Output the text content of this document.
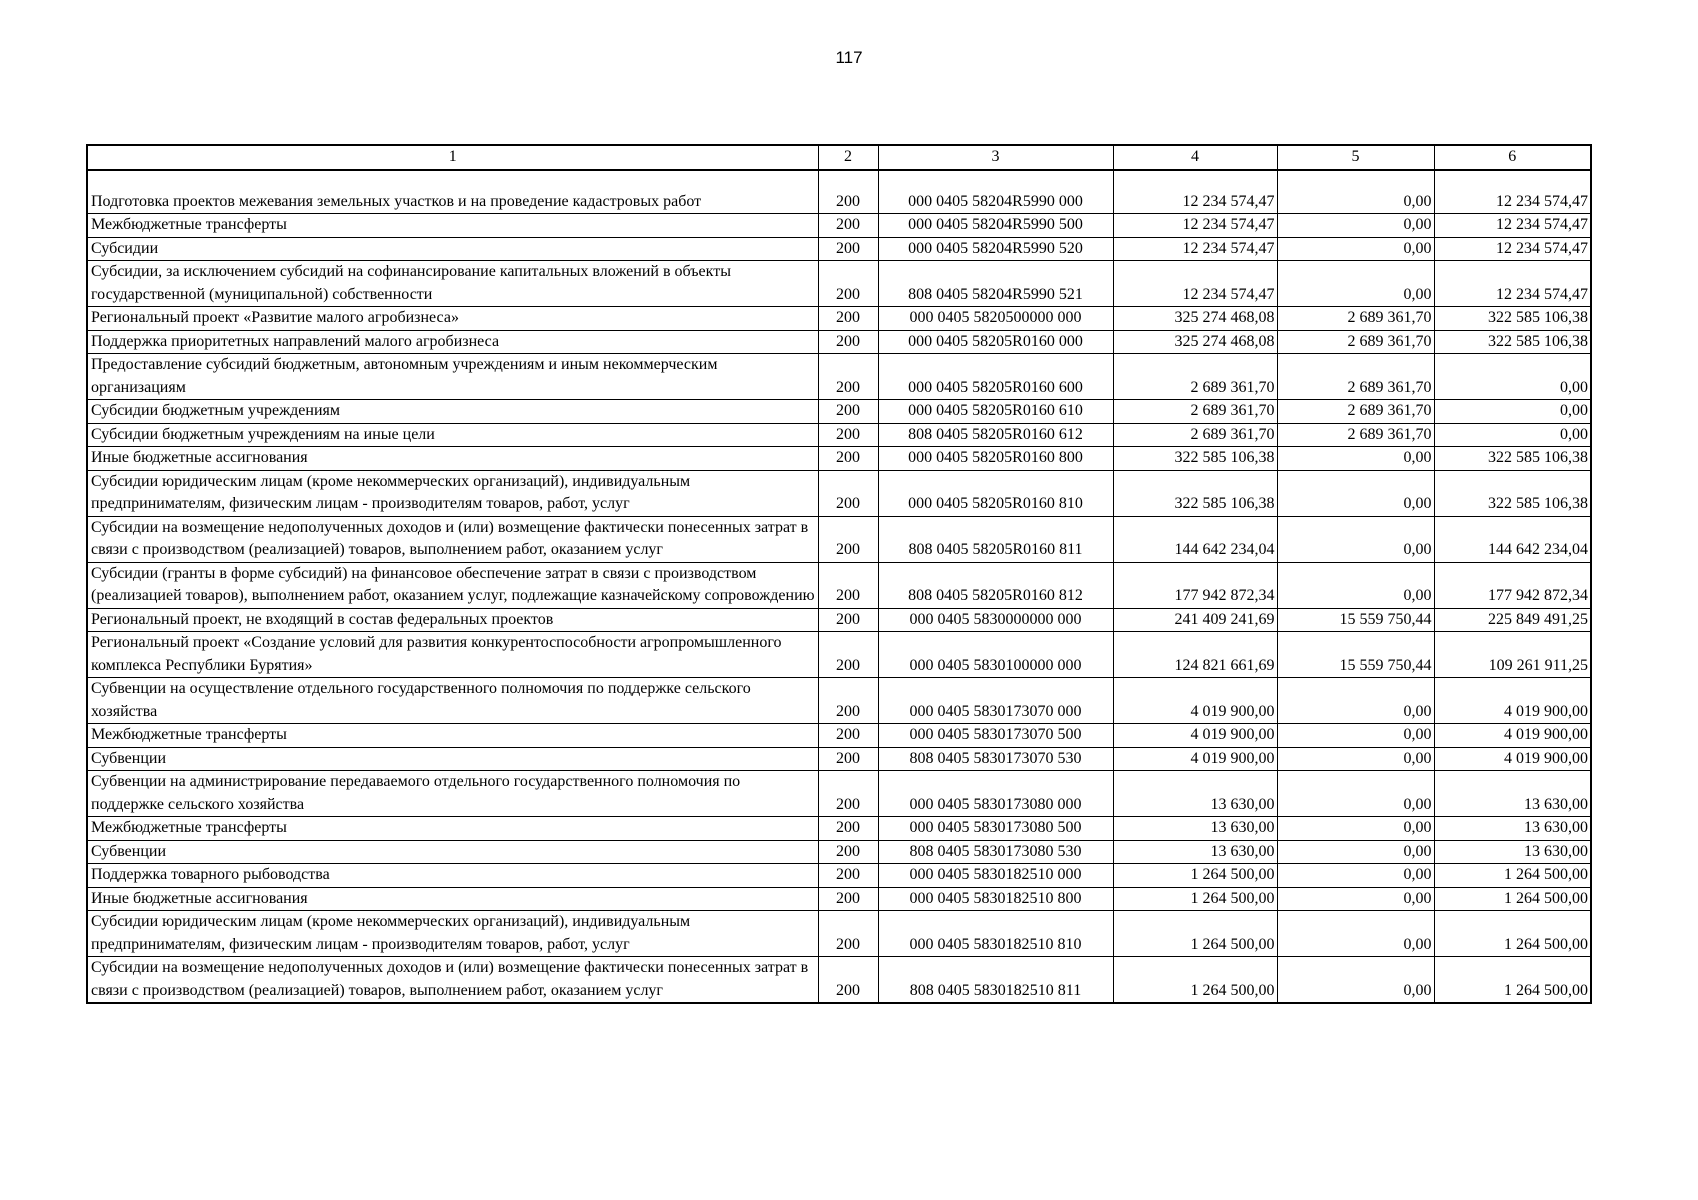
117
1	2	3	4	5	6
Подготовка проектов межевания земельных участков и на проведение кадастровых работ	200	000 0405 58204R5990 000	12 234 574,47	0,00	12 234 574,47
Межбюджетные трансферты	200	000 0405 58204R5990 500	12 234 574,47	0,00	12 234 574,47
Субсидии	200	000 0405 58204R5990 520	12 234 574,47	0,00	12 234 574,47
Субсидии, за исключением субсидий на софинансирование капитальных вложений в объекты государственной (муниципальной) собственности	200	808 0405 58204R5990 521	12 234 574,47	0,00	12 234 574,47
Региональный проект «Развитие малого агробизнеса»	200	000 0405 5820500000 000	325 274 468,08	2 689 361,70	322 585 106,38
Поддержка приоритетных направлений малого агробизнеса	200	000 0405 58205R0160 000	325 274 468,08	2 689 361,70	322 585 106,38
Предоставление субсидий бюджетным, автономным учреждениям и иным некоммерческим организациям	200	000 0405 58205R0160 600	2 689 361,70	2 689 361,70	0,00
Субсидии бюджетным учреждениям	200	000 0405 58205R0160 610	2 689 361,70	2 689 361,70	0,00
Субсидии бюджетным учреждениям на иные цели	200	808 0405 58205R0160 612	2 689 361,70	2 689 361,70	0,00
Иные бюджетные ассигнования	200	000 0405 58205R0160 800	322 585 106,38	0,00	322 585 106,38
Субсидии юридическим лицам (кроме некоммерческих организаций), индивидуальным предпринимателям, физическим лицам - производителям товаров, работ, услуг	200	000 0405 58205R0160 810	322 585 106,38	0,00	322 585 106,38
Субсидии на возмещение недополученных доходов и (или) возмещение фактически понесенных затрат в связи с производством (реализацией) товаров, выполнением работ, оказанием услуг	200	808 0405 58205R0160 811	144 642 234,04	0,00	144 642 234,04
Субсидии (гранты в форме субсидий) на финансовое обеспечение затрат в связи с производством (реализацией товаров), выполнением работ, оказанием услуг, подлежащие казначейскому сопровождению	200	808 0405 58205R0160 812	177 942 872,34	0,00	177 942 872,34
Региональный проект, не входящий в состав федеральных проектов	200	000 0405 5830000000 000	241 409 241,69	15 559 750,44	225 849 491,25
Региональный проект «Создание условий для развития конкурентоспособности агропромышленного комплекса Республики Бурятия»	200	000 0405 5830100000 000	124 821 661,69	15 559 750,44	109 261 911,25
Субвенции на осуществление отдельного государственного полномочия по поддержке сельского хозяйства	200	000 0405 5830173070 000	4 019 900,00	0,00	4 019 900,00
Межбюджетные трансферты	200	000 0405 5830173070 500	4 019 900,00	0,00	4 019 900,00
Субвенции	200	808 0405 5830173070 530	4 019 900,00	0,00	4 019 900,00
Субвенции на администрирование передаваемого отдельного государственного полномочия по поддержке сельского хозяйства	200	000 0405 5830173080 000	13 630,00	0,00	13 630,00
Межбюджетные трансферты	200	000 0405 5830173080 500	13 630,00	0,00	13 630,00
Субвенции	200	808 0405 5830173080 530	13 630,00	0,00	13 630,00
Поддержка товарного рыбоводства	200	000 0405 5830182510 000	1 264 500,00	0,00	1 264 500,00
Иные бюджетные ассигнования	200	000 0405 5830182510 800	1 264 500,00	0,00	1 264 500,00
Субсидии юридическим лицам (кроме некоммерческих организаций), индивидуальным предпринимателям, физическим лицам - производителям товаров, работ, услуг	200	000 0405 5830182510 810	1 264 500,00	0,00	1 264 500,00
Субсидии на возмещение недополученных доходов и (или) возмещение фактически понесенных затрат в связи с производством (реализацией) товаров, выполнением работ, оказанием услуг	200	808 0405 5830182510 811	1 264 500,00	0,00	1 264 500,00
